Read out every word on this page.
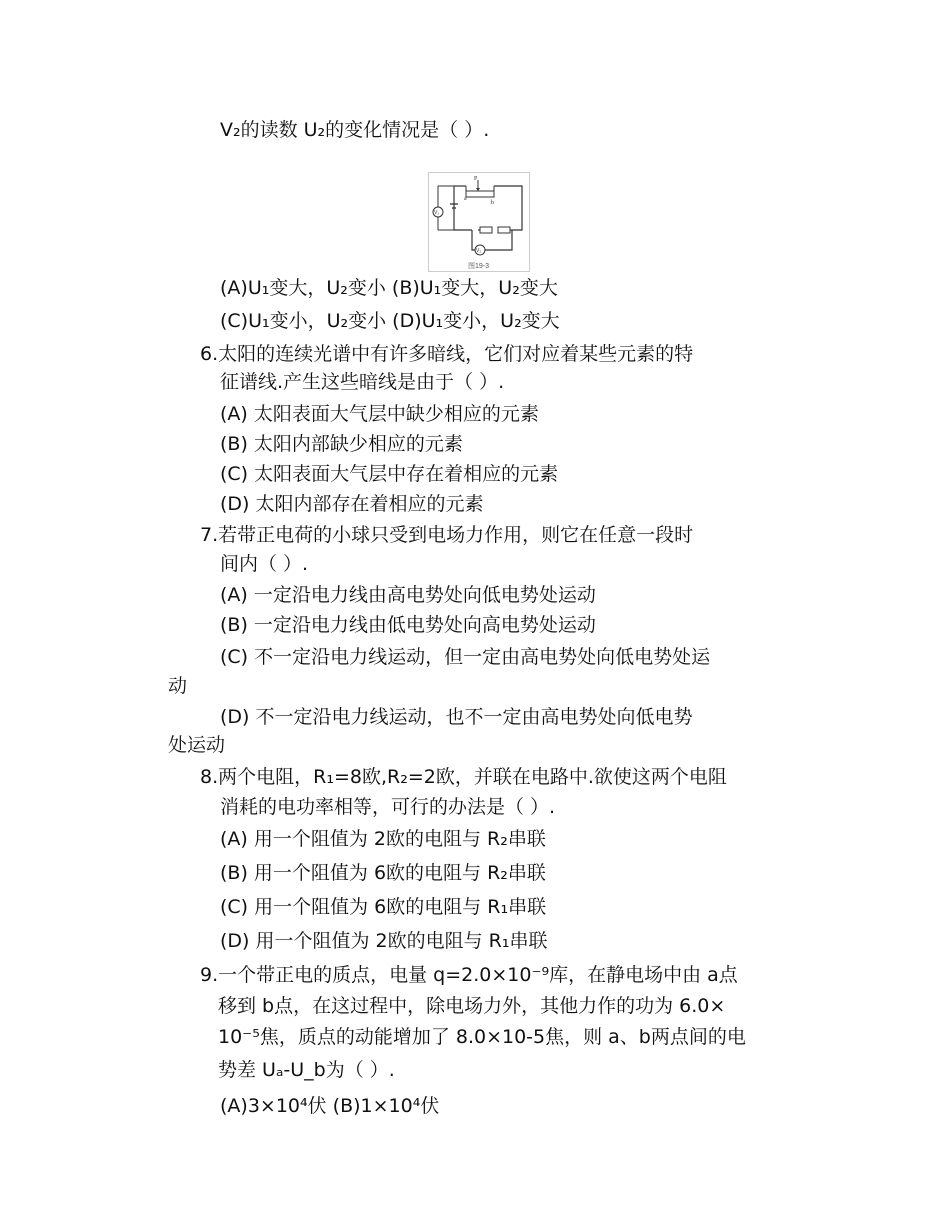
V₂的读数 U₂的变化情况是（ ）.
P
a
b
V₁
V₂
图19-3
(A)U₁变大，U₂变小 (B)U₁变大，U₂变大
(C)U₁变小，U₂变小 (D)U₁变小，U₂变大
6.太阳的连续光谱中有许多暗线，它们对应着某些元素的特
征谱线.产生这些暗线是由于（ ）.
(A) 太阳表面大气层中缺少相应的元素
(B) 太阳内部缺少相应的元素
(C) 太阳表面大气层中存在着相应的元素
(D) 太阳内部存在着相应的元素
7.若带正电荷的小球只受到电场力作用，则它在任意一段时
间内（ ）.
(A) 一定沿电力线由高电势处向低电势处运动
(B) 一定沿电力线由低电势处向高电势处运动
(C) 不一定沿电力线运动，但一定由高电势处向低电势处运
动
(D) 不一定沿电力线运动，也不一定由高电势处向低电势
处运动
8.两个电阻，R₁=8欧,R₂=2欧，并联在电路中.欲使这两个电阻
消耗的电功率相等，可行的办法是（ ）.
(A) 用一个阻值为 2欧的电阻与 R₂串联
(B) 用一个阻值为 6欧的电阻与 R₂串联
(C) 用一个阻值为 6欧的电阻与 R₁串联
(D) 用一个阻值为 2欧的电阻与 R₁串联
9.一个带正电的质点，电量 q=2.0×10⁻⁹库，在静电场中由 a点
移到 b点，在这过程中，除电场力外，其他力作的功为 6.0×
10⁻⁵焦，质点的动能增加了 8.0×10-5焦，则 a、b两点间的电
势差 Uₐ-U_b为（ ）.
(A)3×10⁴伏 (B)1×10⁴伏
